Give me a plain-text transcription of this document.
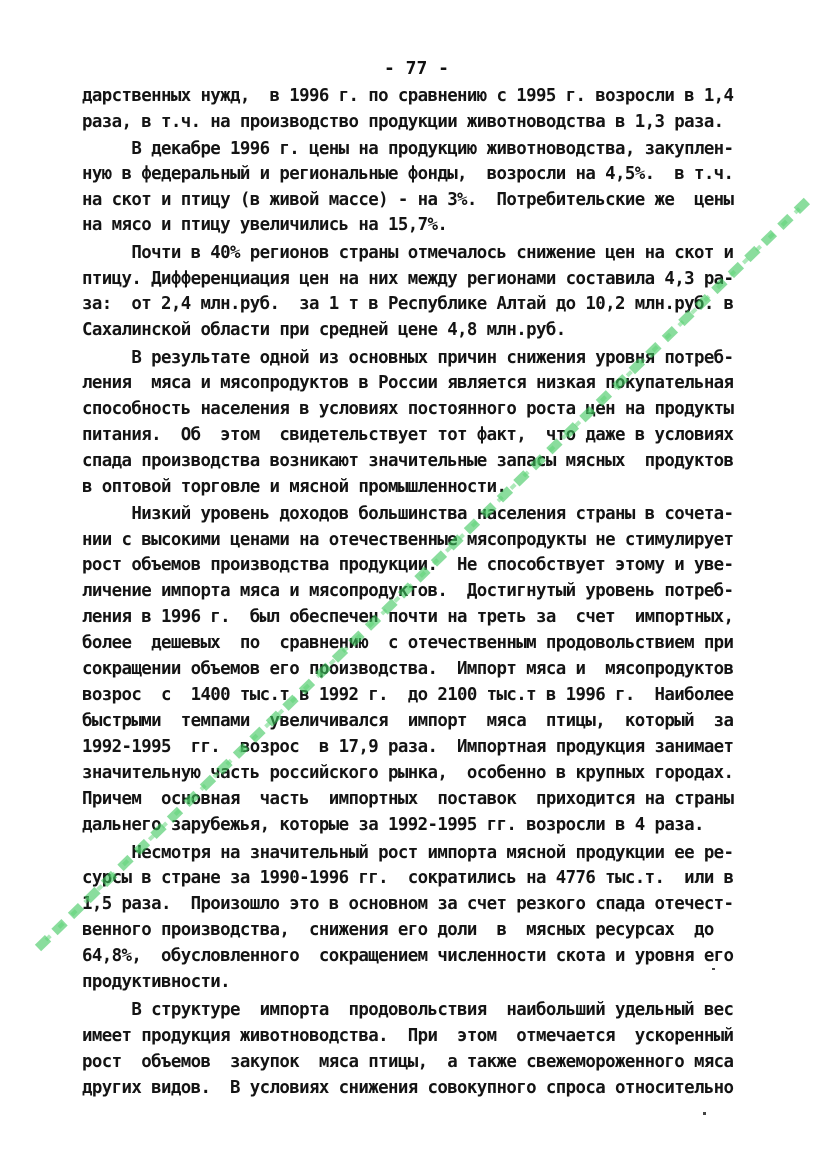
- 77 -
дарственных нужд,  в 1996 г. по сравнению с 1995 г. возросли в 1,4
раза, в т.ч. на производство продукции животноводства в 1,3 раза.
В декабре 1996 г. цены на продукцию животноводства, закуплен-
ную в федеральный и региональные фонды,  возросли на 4,5%.  в т.ч.
на скот и птицу (в живой массе) - на 3%.  Потребительские же  цены
на мясо и птицу увеличились на 15,7%.
Почти в 40% регионов страны отмечалось снижение цен на скот и
птицу. Дифференциация цен на них между регионами составила 4,3 ра-
за:  от 2,4 млн.руб.  за 1 т в Республике Алтай до 10,2 млн.руб. в
Сахалинской области при средней цене 4,8 млн.руб.
В результате одной из основных причин снижения уровня потреб-
ления  мяса и мясопродуктов в России является низкая покупательная
способность населения в условиях постоянного роста цен на продукты
питания.  Об  этом  свидетельствует тот факт,  что даже в условиях
спада производства возникают значительные запасы мясных  продуктов
в оптовой торговле и мясной промышленности.
Низкий уровень доходов большинства населения страны в сочета-
нии с высокими ценами на отечественные мясопродукты не стимулирует
рост объемов производства продукции.  Не способствует этому и уве-
личение импорта мяса и мясопродуктов.  Достигнутый уровень потреб-
ления в 1996 г.  был обеспечен почти на треть за  счет  импортных,
более  дешевых  по  сравнению  с отечественным продовольствием при
сокращении объемов его производства.  Импорт мяса и  мясопродуктов
возрос  с  1400 тыс.т в 1992 г.  до 2100 тыс.т в 1996 г.  Наиболее
быстрыми  темпами  увеличивался  импорт  мяса  птицы,  который  за
1992-1995  гг.  возрос  в 17,9 раза.  Импортная продукция занимает
значительную часть российского рынка,  особенно в крупных городах.
Причем  основная  часть  импортных  поставок  приходится на страны
дальнего зарубежья, которые за 1992-1995 гг. возросли в 4 раза.
Несмотря на значительный рост импорта мясной продукции ее ре-
сурсы в стране за 1990-1996 гг.  сократились на 4776 тыс.т.  или в
1,5 раза.  Произошло это в основном за счет резкого спада отечест-
венного производства,  снижения его доли  в  мясных ресурсах  до
64,8%,  обусловленного  сокращением численности скота и уровня его
продуктивности.
В структуре  импорта  продовольствия  наибольший удельный вес
имеет продукция животноводства.  При  этом  отмечается  ускоренный
рост  объемов  закупок  мяса птицы,  а также свежемороженного мяса
других видов.  В условиях снижения совокупного спроса относительно
